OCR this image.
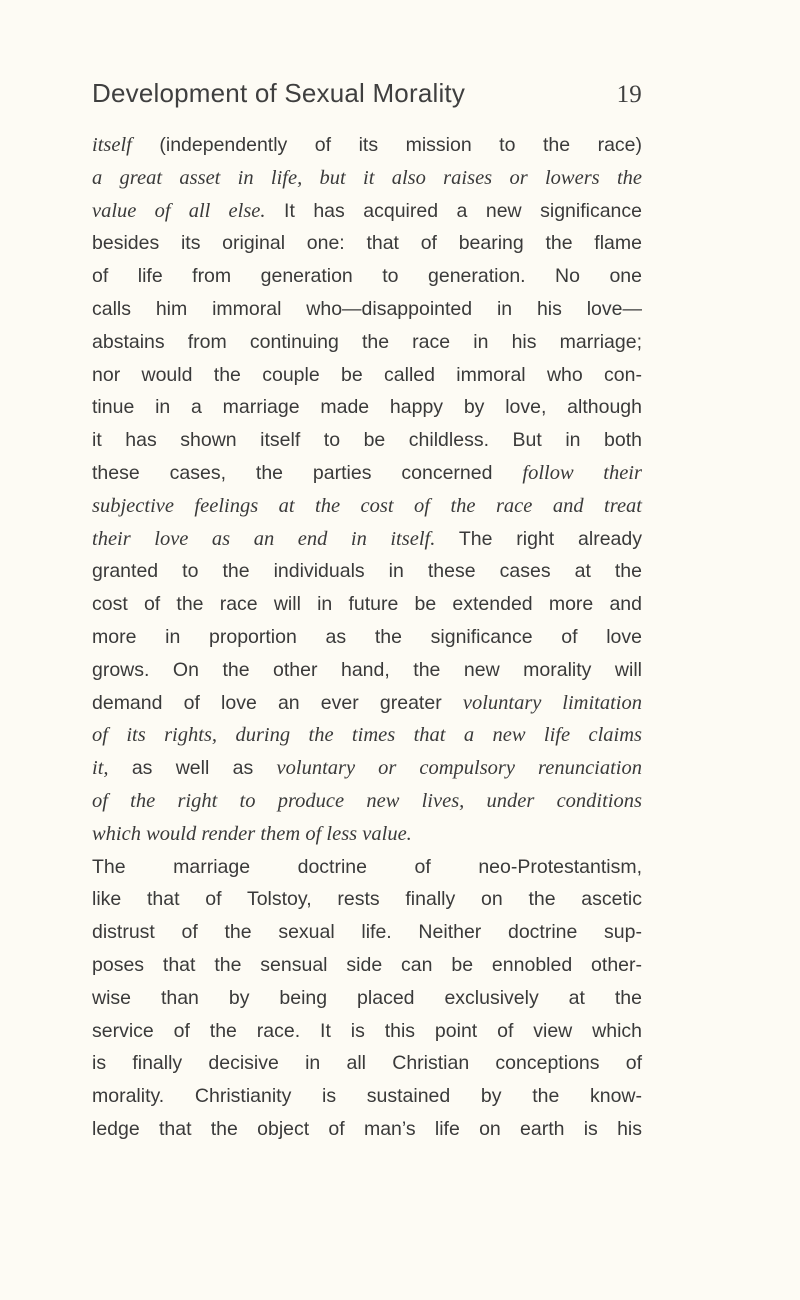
Development of Sexual Morality	19
itself (independently of its mission to the race)
a great asset in life, but it also raises or lowers the
value of all else. It has acquired a new significance
besides its original one: that of bearing the flame
of life from generation to generation. No one
calls him immoral who—disappointed in his love—
abstains from continuing the race in his marriage;
nor would the couple be called immoral who con-
tinue in a marriage made happy by love, although
it has shown itself to be childless. But in both
these cases, the parties concerned follow their
subjective feelings at the cost of the race and treat
their love as an end in itself. The right already
granted to the individuals in these cases at the
cost of the race will in future be extended more and
more in proportion as the significance of love
grows. On the other hand, the new morality will
demand of love an ever greater voluntary limitation
of its rights, during the times that a new life claims
it, as well as voluntary or compulsory renunciation
of the right to produce new lives, under conditions
which would render them of less value.
The marriage doctrine of neo-Protestantism,
like that of Tolstoy, rests finally on the ascetic
distrust of the sexual life. Neither doctrine sup-
poses that the sensual side can be ennobled other-
wise than by being placed exclusively at the
service of the race. It is this point of view which
is finally decisive in all Christian conceptions of
morality. Christianity is sustained by the know-
ledge that the object of man’s life on earth is his
